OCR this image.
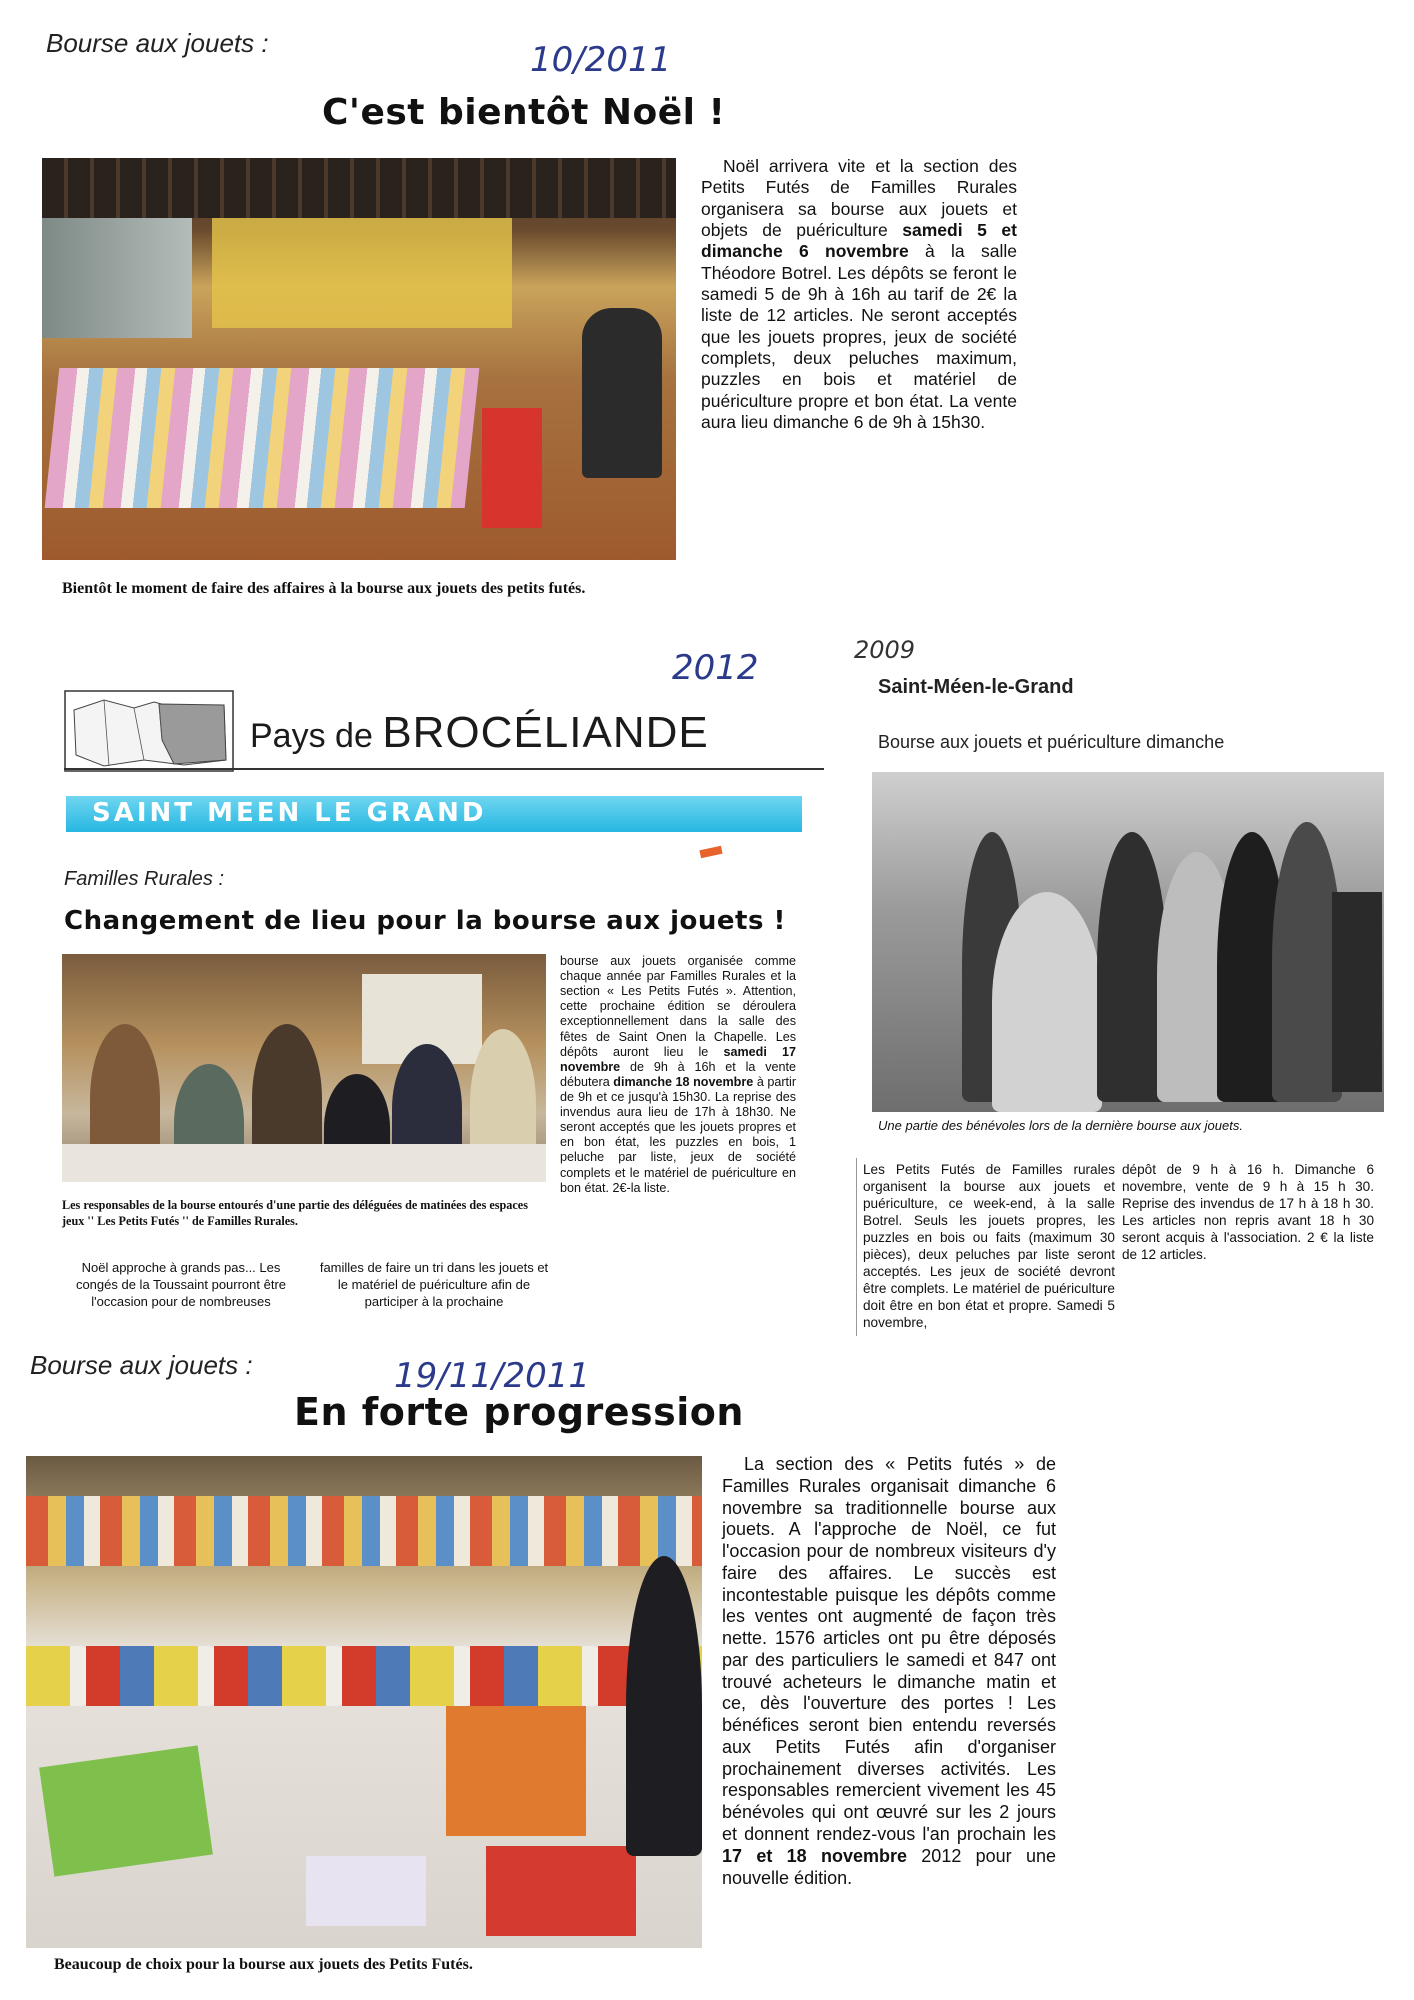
Bourse aux jouets :	10/2011
C'est bientôt Noël !
Noël arrivera vite et la section des Petits Futés de Familles Rurales organisera sa bourse aux jouets et objets de puériculture samedi 5 et dimanche 6 novembre à la salle Théodore Botrel. Les dépôts se feront le samedi 5 de 9h à 16h au tarif de 2€ la liste de 12 articles. Ne seront acceptés que les jouets propres, jeux de société complets, deux peluches maximum, puzzles en bois et matériel de puériculture propre et bon état. La vente aura lieu dimanche 6 de 9h à 15h30.
Bientôt le moment de faire des affaires à la bourse aux jouets des petits futés.
2012
Pays de BROCÉLIANDE
SAINT MEEN LE GRAND
Familles Rurales :
Changement de lieu pour la bourse aux jouets !
bourse aux jouets organisée comme chaque année par Familles Rurales et la section « Les Petits Futés ». Attention, cette prochaine édition se déroulera exceptionnellement dans la salle des fêtes de Saint Onen la Chapelle. Les dépôts auront lieu le samedi 17 novembre de 9h à 16h et la vente débutera dimanche 18 novembre à partir de 9h et ce jusqu'à 15h30. La reprise des invendus aura lieu de 17h à 18h30. Ne seront acceptés que les jouets propres et en bon état, les puzzles en bois, 1 peluche par liste, jeux de société complets et le matériel de puériculture en bon état. 2€-la liste.
Les responsables de la bourse entourés d'une partie des déléguées de matinées des espaces jeux '' Les Petits Futés '' de Familles Rurales.
Noël approche à grands pas... Les congés de la Toussaint pourront être l'occasion pour de nombreuses
familles de faire un tri dans les jouets et le matériel de puériculture afin de participer à la prochaine
2009
Saint-Méen-le-Grand
Bourse aux jouets et puériculture dimanche
Une partie des bénévoles lors de la dernière bourse aux jouets.
Les Petits Futés de Familles rurales organisent la bourse aux jouets et puériculture, ce week-end, à la salle Botrel. Seuls les jouets propres, les puzzles en bois ou faits (maximum 30 pièces), deux peluches par liste seront acceptés. Les jeux de société devront être complets. Le matériel de puériculture doit être en bon état et propre. Samedi 5 novembre,
dépôt de 9 h à 16 h. Dimanche 6 novembre, vente de 9 h à 15 h 30. Reprise des invendus de 17 h à 18 h 30. Les articles non repris avant 18 h 30 seront acquis à l'association. 2 € la liste de 12 articles.
Bourse aux jouets :	19/11/2011
En forte progression
Beaucoup de choix pour la bourse aux jouets des Petits Futés.
La section des « Petits futés » de Familles Rurales organisait dimanche 6 novembre sa traditionnelle bourse aux jouets. A l'approche de Noël, ce fut l'occasion pour de nombreux visiteurs d'y faire des affaires. Le succès est incontestable puisque les dépôts comme les ventes ont augmenté de façon très nette. 1576 articles ont pu être déposés par des particuliers le samedi et 847 ont trouvé acheteurs le dimanche matin et ce, dès l'ouverture des portes ! Les bénéfices seront bien entendu reversés aux Petits Futés afin d'organiser prochainement diverses activités. Les responsables remercient vivement les 45 bénévoles qui ont œuvré sur les 2 jours et donnent rendez-vous l'an prochain les 17 et 18 novembre 2012 pour une nouvelle édition.
